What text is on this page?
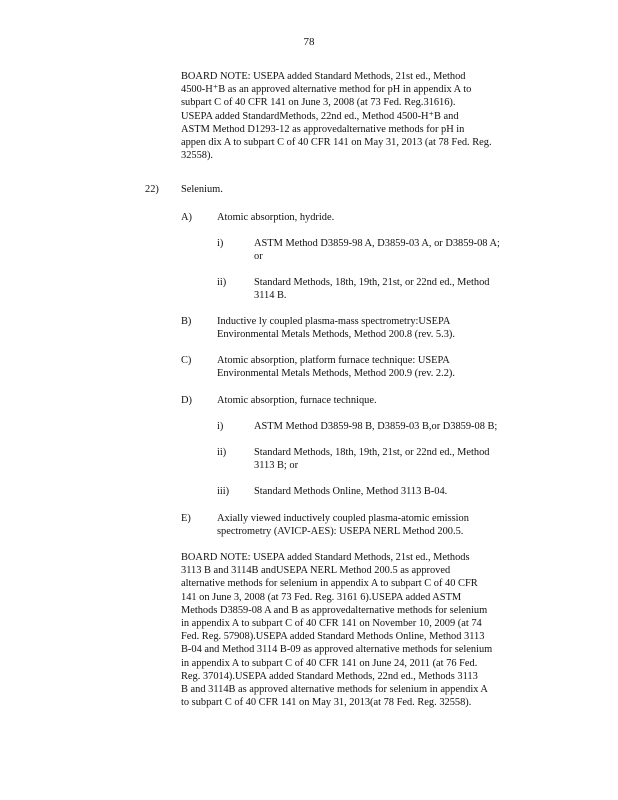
78

BOARD NOTE: USEPA added Standard Methods, 21st ed., Method

4500-H⁺B as an approved alternative method for pH in appendix A to

subpart C of 40 CFR 141 on June 3, 2008 (at 73 Fed. Reg.31616).

USEPA added StandardMethods, 22nd ed., Method 4500-H⁺B and

ASTM Method D1293-12 as approvedalternative methods for pH in

appen dix A to subpart C of 40 CFR 141 on May 31, 2013 (at 78 Fed. Reg.

32558).

22) Selenium.
A) Atomic absorption, hydride.
i)	ASTM Method D3859-98 A, D3859-03 A, or D3859-08 A;
or
ii)	Standard Methods, 18th, 19th, 21st, or 22nd ed., Method
3114 B.
B) Inductive ly coupled plasma-mass spectrometry:USEPA
Environmental Metals Methods, Method 200.8 (rev. 5.3).
C) Atomic absorption, platform furnace technique: USEPA
Environmental Metals Methods, Method 200.9 (rev. 2.2).
D) Atomic absorption, furnace technique.
i)	ASTM Method D3859-98 B, D3859-03 B,or D3859-08 B;
ii)	Standard Methods, 18th, 19th, 21st, or 22nd ed., Method
3113 B; or
iii) Standard Methods Online, Method 3113 B-04.
E)	Axially viewed inductively coupled plasma-atomic emission
spectrometry (AVICP-AES): USEPA NERL Method 200.5.

BOARD NOTE: USEPA added Standard Methods, 21st ed., Methods

3113 B and 3114B andUSEPA NERL Method 200.5 as approved

alternative methods for selenium in appendix A to subpart C of 40 CFR

141 on June 3, 2008 (at 73 Fed. Reg. 3161 6).USEPA added ASTM

Methods D3859-08 A and B as approvedalternative methods for selenium

in appendix A to subpart C of 40 CFR 141 on November 10, 2009 (at 74

Fed. Reg. 57908).USEPA added Standard Methods Online, Method 3113

B-04 and Method 3114 B-09 as approved alternative methods for selenium

in appendix A to subpart C of 40 CFR 141 on June 24, 2011 (at 76 Fed.

Reg. 37014).USEPA added Standard Methods, 22nd ed., Methods 3113

B and 3114B as approved alternative methods for selenium in appendix A

to subpart C of 40 CFR 141 on May 31, 2013(at 78 Fed. Reg. 32558).
